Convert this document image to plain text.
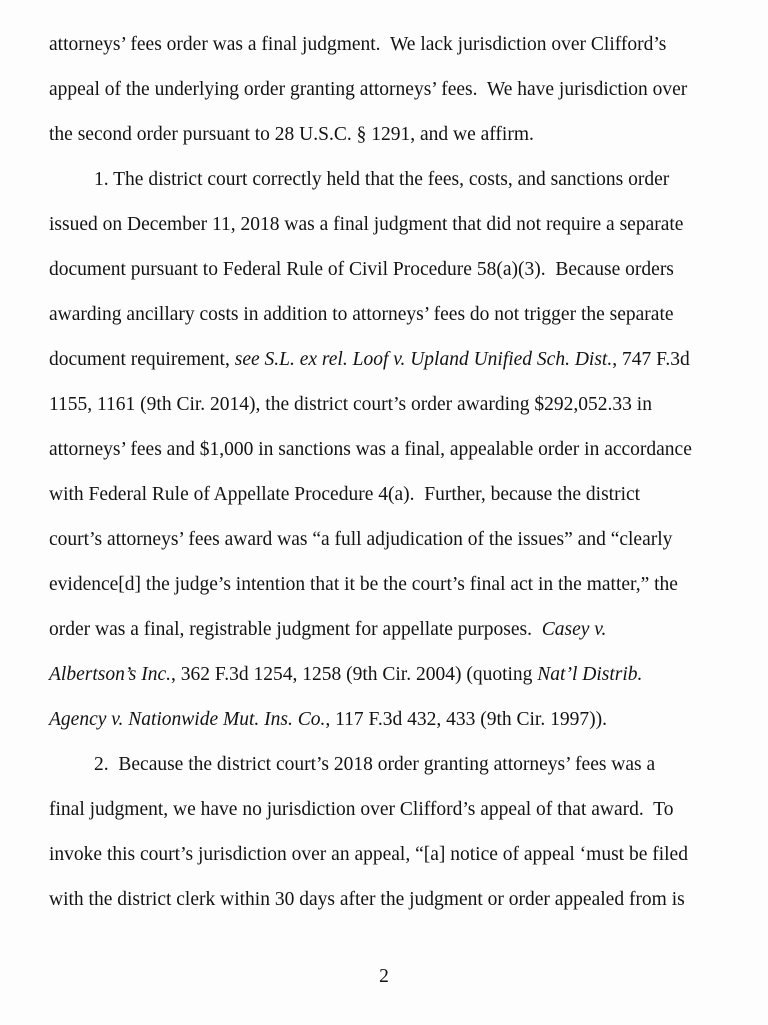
attorneys’ fees order was a final judgment.  We lack jurisdiction over Clifford’s
appeal of the underlying order granting attorneys’ fees.  We have jurisdiction over
the second order pursuant to 28 U.S.C. § 1291, and we affirm.
1. The district court correctly held that the fees, costs, and sanctions order
issued on December 11, 2018 was a final judgment that did not require a separate
document pursuant to Federal Rule of Civil Procedure 58(a)(3).  Because orders
awarding ancillary costs in addition to attorneys’ fees do not trigger the separate
document requirement, see S.L. ex rel. Loof v. Upland Unified Sch. Dist., 747 F.3d
1155, 1161 (9th Cir. 2014), the district court’s order awarding $292,052.33 in
attorneys’ fees and $1,000 in sanctions was a final, appealable order in accordance
with Federal Rule of Appellate Procedure 4(a).  Further, because the district
court’s attorneys’ fees award was “a full adjudication of the issues” and “clearly
evidence[d] the judge’s intention that it be the court’s final act in the matter,” the
order was a final, registrable judgment for appellate purposes.  Casey v.
Albertson’s Inc., 362 F.3d 1254, 1258 (9th Cir. 2004) (quoting Nat’l Distrib.
Agency v. Nationwide Mut. Ins. Co., 117 F.3d 432, 433 (9th Cir. 1997)).
2.  Because the district court’s 2018 order granting attorneys’ fees was a
final judgment, we have no jurisdiction over Clifford’s appeal of that award.  To
invoke this court’s jurisdiction over an appeal, “[a] notice of appeal ‘must be filed
with the district clerk within 30 days after the judgment or order appealed from is
2
